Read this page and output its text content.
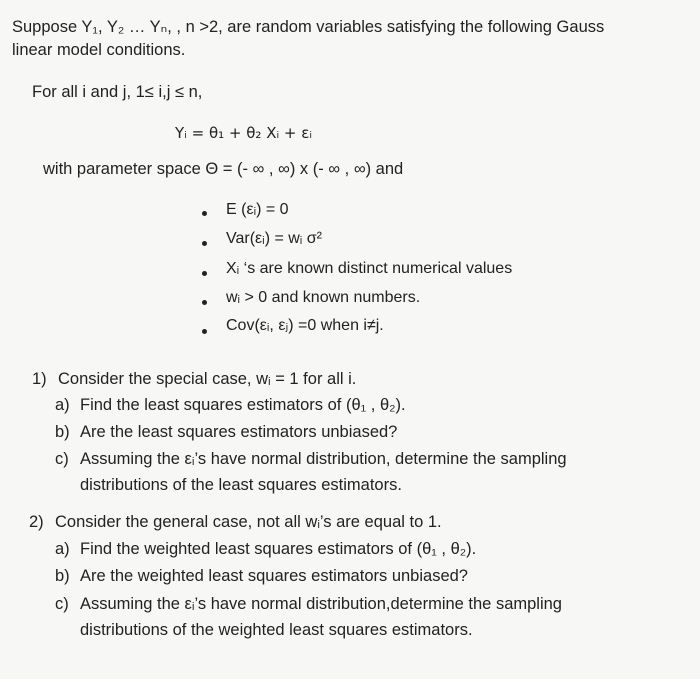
Suppose Y₁, Y₂ … Yₙ, , n >2, are random variables satisfying the following Gauss
linear model conditions.
For all i and j, 1≤ i,j ≤ n,
Yᵢ = θ₁ + θ₂ Xᵢ + εᵢ
with parameter space Θ = (- ∞ , ∞) x (- ∞ , ∞) and
E (εᵢ) = 0
Var(εᵢ) = wᵢ σ²
Xᵢ ‘s are known distinct numerical values
wᵢ > 0 and known numbers.
Cov(εᵢ, εⱼ) =0 when i≠j.
1) Consider the special case, wᵢ = 1 for all i.
a) Find the least squares estimators of (θ₁ , θ₂).
b) Are the least squares estimators unbiased?
c) Assuming the εᵢ’s have normal distribution, determine the sampling
distributions of the least squares estimators.
2) Consider the general case, not all wᵢ’s are equal to 1.
a) Find the weighted least squares estimators of (θ₁ , θ₂).
b) Are the weighted least squares estimators unbiased?
c) Assuming the εᵢ’s have normal distribution,determine the sampling
distributions of the weighted least squares estimators.
